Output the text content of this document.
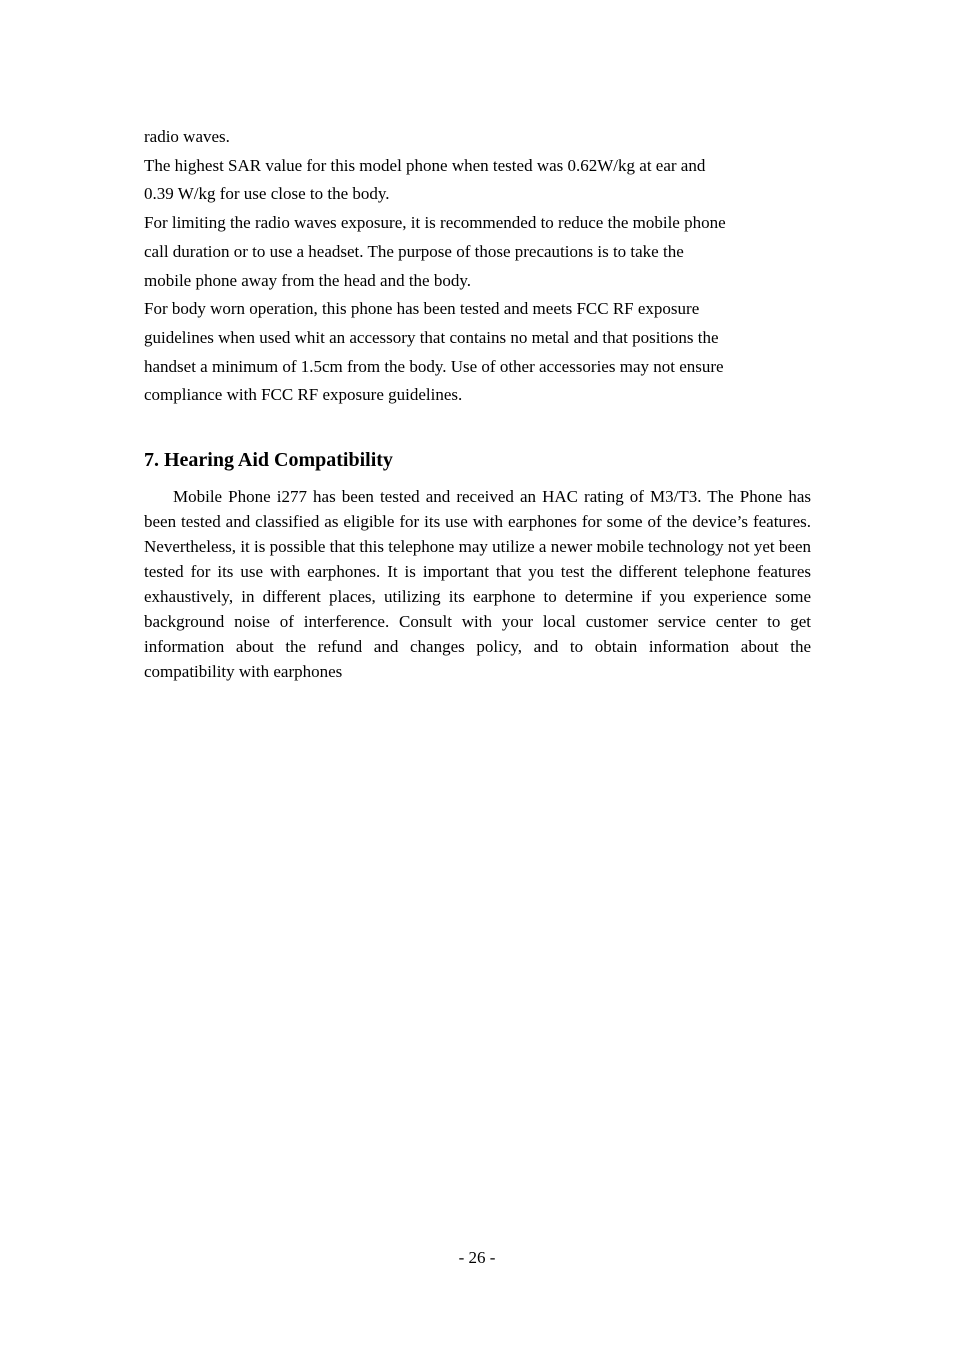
radio waves.

The highest SAR value for this model phone when tested was 0.62W/kg at ear and
0.39 W/kg for use close to the body.

For limiting the radio waves exposure, it is recommended to reduce the mobile phone
call duration or to use a headset. The purpose of those precautions is to take the
mobile phone away from the head and the body.

For body worn operation, this phone has been tested and meets FCC RF exposure
guidelines when used whit an accessory that contains no metal and that positions the
handset a minimum of 1.5cm from the body. Use of other accessories may not ensure
compliance with FCC RF exposure guidelines.

7. Hearing Aid Compatibility

Mobile Phone i277 has been tested and received an HAC rating of M3/T3. The Phone has been tested and classified as eligible for its use with earphones for some of the device’s features. Nevertheless, it is possible that this telephone may utilize a newer mobile technology not yet been tested for its use with earphones. It is important that you test the different telephone features exhaustively, in different places, utilizing its earphone to determine if you experience some background noise of interference. Consult with your local customer service center to get information about the refund and changes policy, and to obtain information about the compatibility with earphones

- 26 -
